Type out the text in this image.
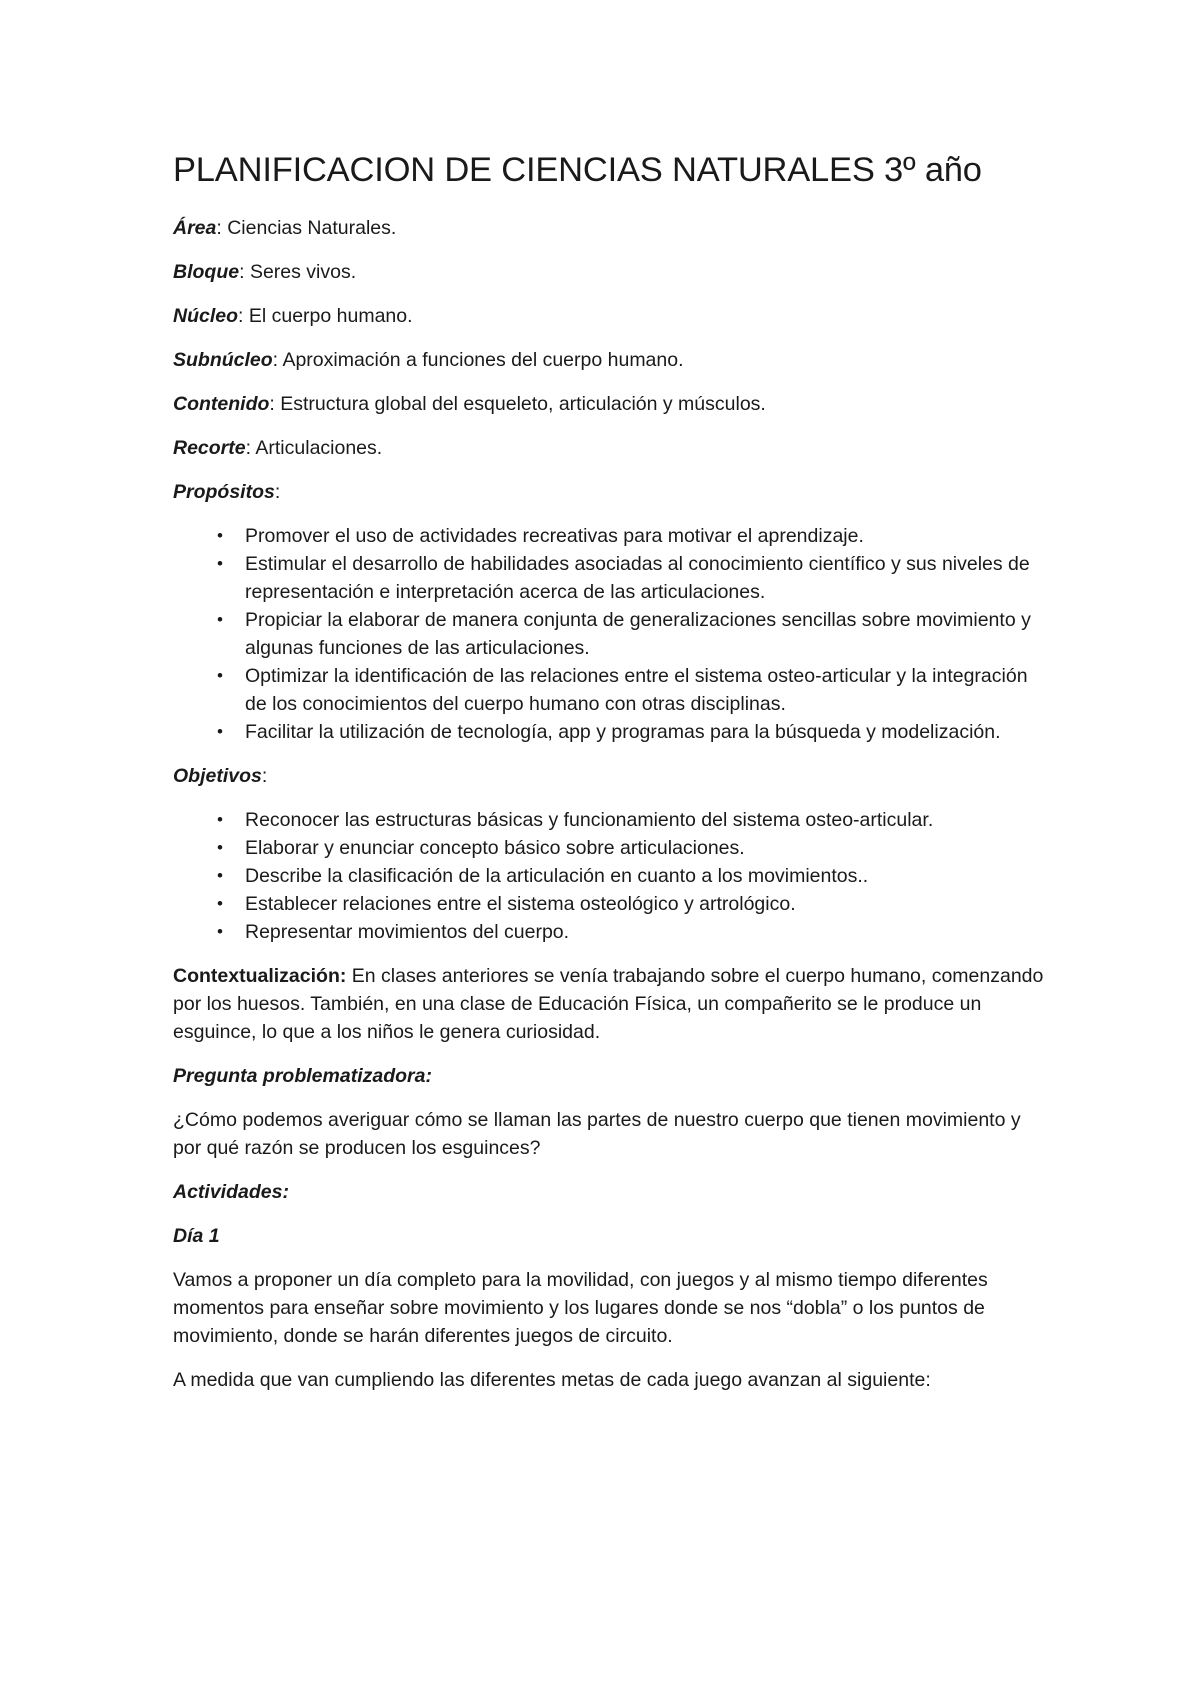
PLANIFICACION DE CIENCIAS NATURALES 3º año

Área: Ciencias Naturales.

Bloque: Seres vivos.

Núcleo: El cuerpo humano.

Subnúcleo: Aproximación a funciones del cuerpo humano.

Contenido: Estructura global del esqueleto, articulación y músculos.

Recorte: Articulaciones.

Propósitos:

• Promover el uso de actividades recreativas para motivar el aprendizaje.
• Estimular el desarrollo de habilidades asociadas al conocimiento científico y sus niveles de representación e interpretación acerca de las articulaciones.
• Propiciar la elaborar de manera conjunta de generalizaciones sencillas sobre movimiento y algunas funciones de las articulaciones.
• Optimizar la identificación de las relaciones entre el sistema osteo-articular y la integración de los conocimientos del cuerpo humano con otras disciplinas.
• Facilitar la utilización de tecnología, app y programas para la búsqueda y modelización.

Objetivos:

• Reconocer las estructuras básicas y funcionamiento del sistema osteo-articular.
• Elaborar y enunciar concepto básico sobre articulaciones.
• Describe la clasificación de la articulación en cuanto a los movimientos..
• Establecer relaciones entre el sistema osteológico y artrológico.
• Representar movimientos del cuerpo.

Contextualización: En clases anteriores se venía trabajando sobre el cuerpo humano, comenzando por los huesos. También, en una clase de Educación Física, un compañerito se le produce un esguince, lo que a los niños le genera curiosidad.

Pregunta problematizadora:

¿Cómo podemos averiguar cómo se llaman las partes de nuestro cuerpo que tienen movimiento y por qué razón se producen los esguinces?

Actividades:

Día 1

Vamos a proponer un día completo para la movilidad, con juegos y al mismo tiempo diferentes momentos para enseñar sobre movimiento y los lugares donde se nos “dobla” o los puntos de movimiento, donde se harán diferentes juegos de circuito.

A medida que van cumpliendo las diferentes metas de cada juego avanzan al siguiente:
